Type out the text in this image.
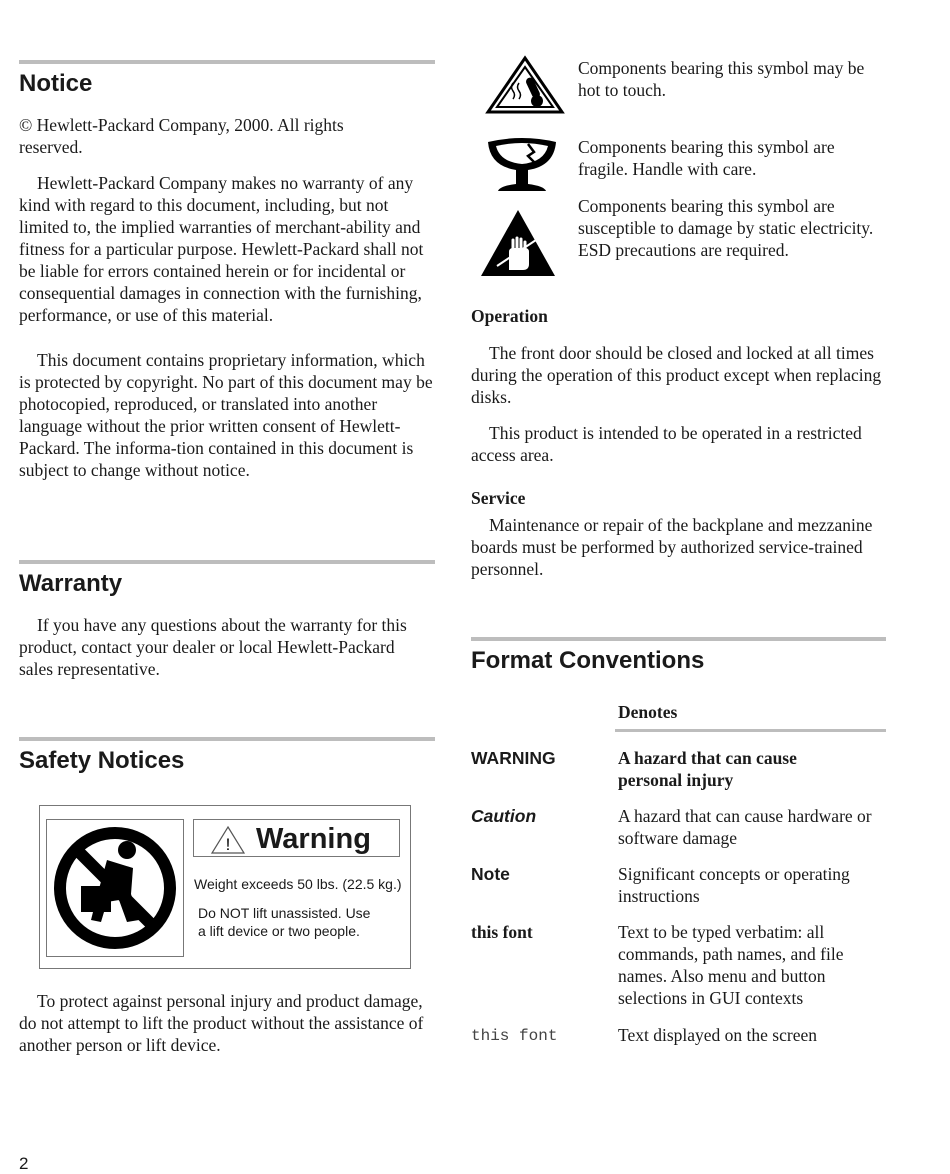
Notice

© Hewlett-Packard Company, 2000. All rights reserved.

Hewlett-Packard Company makes no warranty of any kind with regard to this document, including, but not limited to, the implied warranties of merchant-ability and fitness for a particular purpose. Hewlett-Packard shall not be liable for errors contained herein or for incidental or consequential damages in connection with the furnishing, performance, or use of this material.

This document contains proprietary information, which is protected by copyright. No part of this document may be photocopied, reproduced, or translated into another language without the prior written consent of Hewlett-Packard. The informa-tion contained in this document is subject to change without notice.

Warranty

If you have any questions about the warranty for this product, contact your dealer or local Hewlett-Packard sales representative.

Safety Notices
! Warning
Weight exceeds 50 lbs. (22.5 kg.)
Do NOT lift unassisted. Use
a lift device or two people.

To protect against personal injury and product damage, do not attempt to lift the product without the assistance of another person or lift device.

Components bearing this symbol may be hot to touch.

Components bearing this symbol are fragile. Handle with care.

Components bearing this symbol are susceptible to damage by static electricity. ESD precautions are required.

Operation

The front door should be closed and locked at all times during the operation of this product except when replacing disks.

This product is intended to be operated in a restricted access area.

Service

Maintenance or repair of the backplane and mezzanine boards must be performed by authorized service-trained personnel.

Format Conventions
Denotes
WARNING	A hazard that can cause personal injury
Caution	A hazard that can cause hardware or software damage
Note	Significant concepts or operating instructions
this font	Text to be typed verbatim: all commands, path names, and file names. Also menu and button selections in GUI contexts
this font	Text displayed on the screen
2
